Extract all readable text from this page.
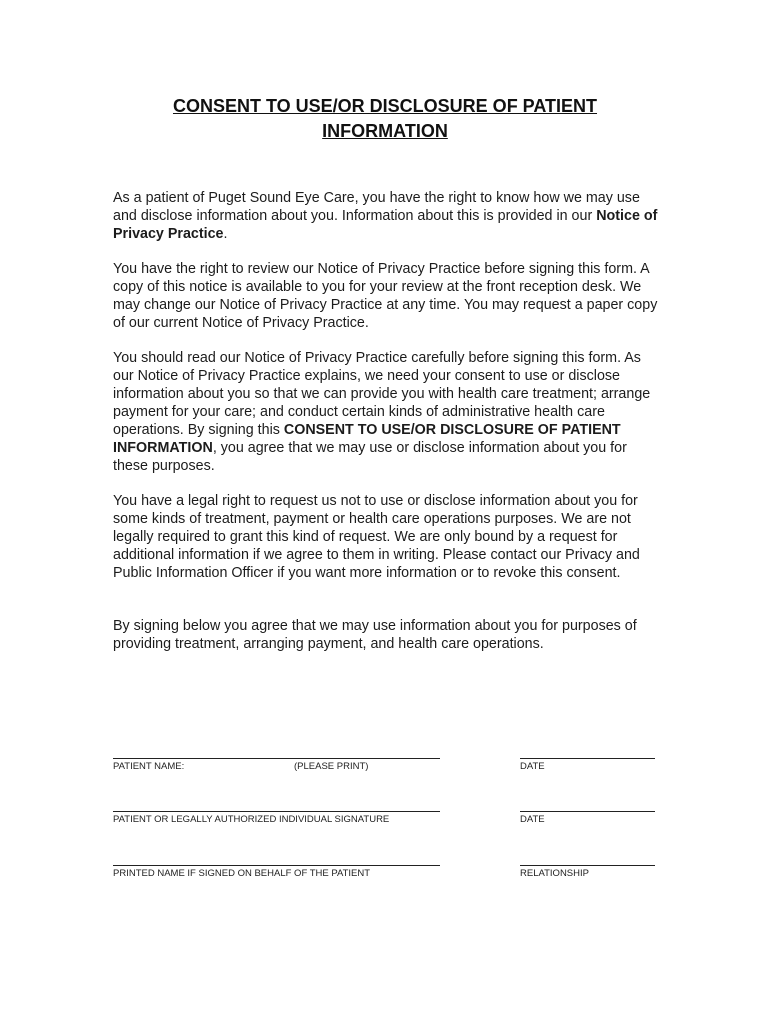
CONSENT TO USE/OR DISCLOSURE OF PATIENT
INFORMATION
As a patient of Puget Sound Eye Care, you have the right to know how we may use and disclose information about you. Information about this is provided in our Notice of Privacy Practice.
You have the right to review our Notice of Privacy Practice before signing this form. A copy of this notice is available to you for your review at the front reception desk. We may change our Notice of Privacy Practice at any time. You may request a paper copy of our current Notice of Privacy Practice.
You should read our Notice of Privacy Practice carefully before signing this form. As our Notice of Privacy Practice explains, we need your consent to use or disclose information about you so that we can provide you with health care treatment; arrange payment for your care; and conduct certain kinds of administrative health care operations. By signing this CONSENT TO USE/OR DISCLOSURE OF PATIENT INFORMATION, you agree that we may use or disclose information about you for these purposes.
You have a legal right to request us not to use or disclose information about you for some kinds of treatment, payment or health care operations purposes. We are not legally required to grant this kind of request. We are only bound by a request for additional information if we agree to them in writing. Please contact our Privacy and Public Information Officer if you want more information or to revoke this consent.
By signing below you agree that we may use information about you for purposes of providing treatment, arranging payment, and health care operations.
PATIENT NAME:	(PLEASE PRINT)	DATE
PATIENT OR LEGALLY AUTHORIZED INDIVIDUAL SIGNATURE	DATE
PRINTED NAME IF SIGNED ON BEHALF OF THE PATIENT	RELATIONSHIP
